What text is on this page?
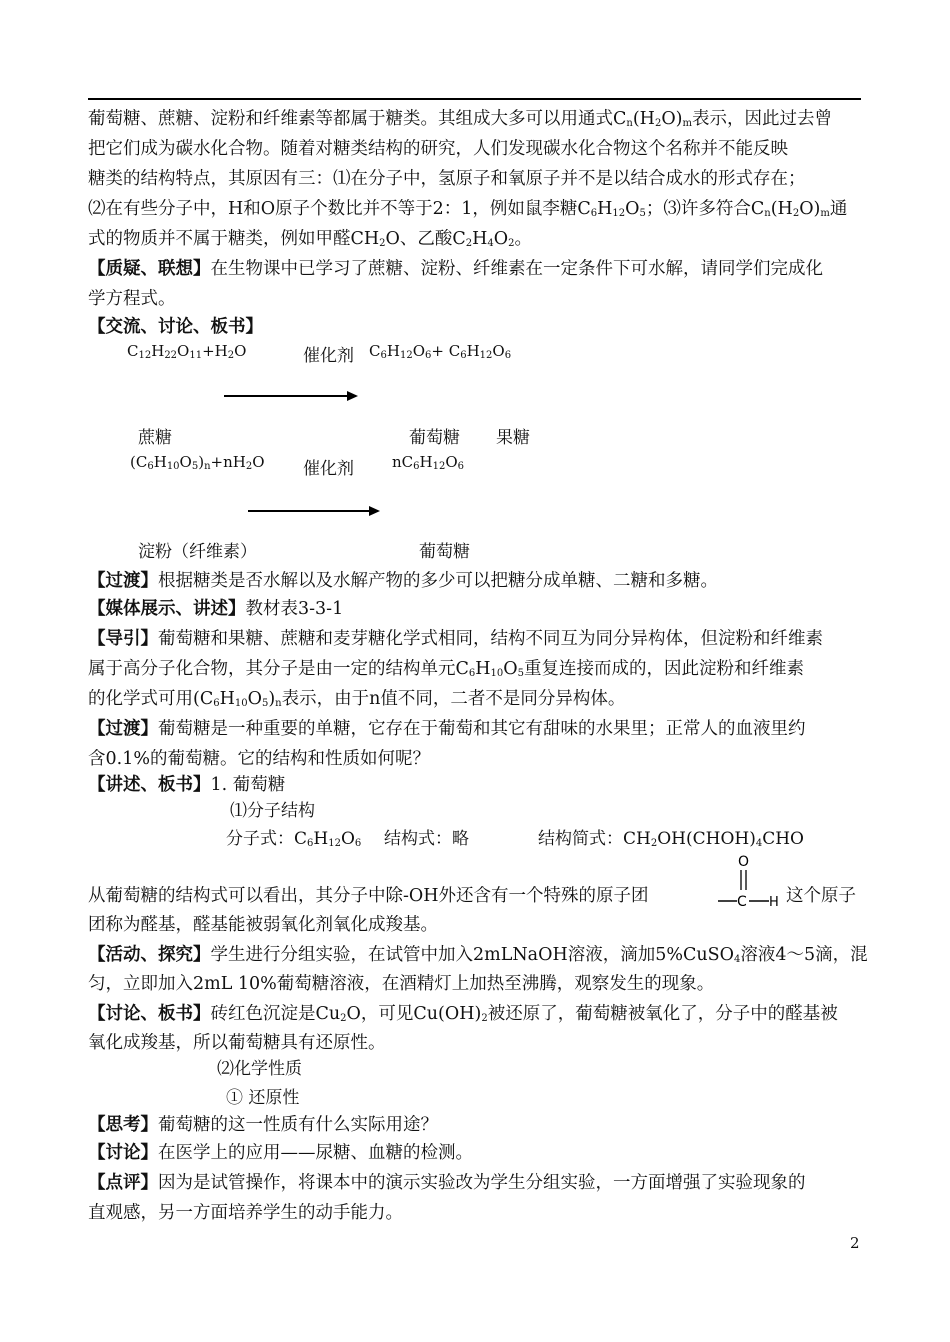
葡萄糖、蔗糖、淀粉和纤维素等都属于糖类。其组成大多可以用通式$C_n(H_2O)_m$表示，因此过去曾
把它们成为碳水化合物。随着对糖类结构的研究，人们发现碳水化合物这个名称并不能反映
糖类的结构特点，其原因有三：⑴在分子中，氢原子和氧原子并不是以结合成水的形式存在；
⑵在有些分子中，H和O原子个数比并不等于2：1，例如鼠李糖$C_6H_{12}O_5$；⑶许多符合$C_n(H_2O)_m$通
式的物质并不属于糖类，例如甲醛$CH_2O$、乙酸$C_2H_4O_2$。
【质疑、联想】在生物课中已学习了蔗糖、淀粉、纤维素在一定条件下可水解，请同学们完成化
学方程式。
【交流、讨论、板书】
$C_{12}H_{22}O_{11}+H_2O$	催化剂 $C_6H_{12}O_6+ C_6H_{12}O_6$
蔗糖	葡萄糖 果糖
$(C_6H_{10}O_5)_n+nH_2O$ 催化剂	$nC_6H_{12}O_6$
淀粉（纤维素）	葡萄糖
【过渡】根据糖类是否水解以及水解产物的多少可以把糖分成单糖、二糖和多糖。
【媒体展示、讲述】教材表3-3-1
【导引】葡萄糖和果糖、蔗糖和麦芽糖化学式相同，结构不同互为同分异构体，但淀粉和纤维素
属于高分子化合物，其分子是由一定的结构单元$C_6H_{10}O_5$重复连接而成的，因此淀粉和纤维素
的化学式可用$(C_6H_{10}O_5)_n$表示，由于n值不同，二者不是同分异构体。
【过渡】葡萄糖是一种重要的单糖，它存在于葡萄和其它有甜味的水果里；正常人的血液里约
含0.1%的葡萄糖。它的结构和性质如何呢？
【讲述、板书】1. 葡萄糖
⑴分子结构
分子式：$C_6H_{12}O_6$ 结构式：略	结构简式：$CH_2OH(CHOH)_4CHO$
从葡萄糖的结构式可以看出，其分子中除-OH外还含有一个特殊的原子团	这个原子
O
C H
团称为醛基，醛基能被弱氧化剂氧化成羧基。
【活动、探究】学生进行分组实验，在试管中加入2mLNaOH溶液，滴加5%CuSO$_4$溶液4～5滴，混
匀，立即加入2mL 10%葡萄糖溶液，在酒精灯上加热至沸腾，观察发生的现象。
【讨论、板书】砖红色沉淀是$Cu_2O$，可见$Cu(OH)_2$被还原了，葡萄糖被氧化了，分子中的醛基被
氧化成羧基，所以葡萄糖具有还原性。
⑵化学性质
① 还原性
【思考】葡萄糖的这一性质有什么实际用途？
【讨论】在医学上的应用——尿糖、血糖的检测。
【点评】因为是试管操作，将课本中的演示实验改为学生分组实验，一方面增强了实验现象的
直观感，另一方面培养学生的动手能力。
2
